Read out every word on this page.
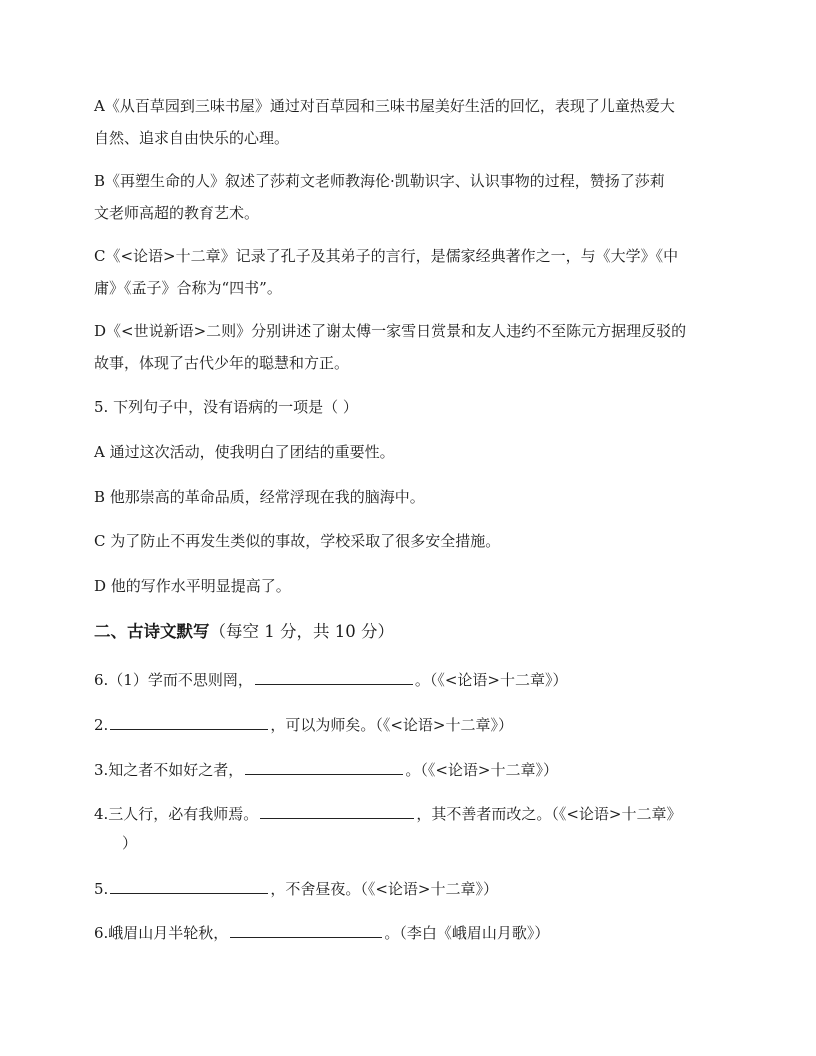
A《从百草园到三味书屋》通过对百草园和三味书屋美好生活的回忆，表现了儿童热爱大
自然、追求自由快乐的心理。
B《再塑生命的人》叙述了莎莉文老师教海伦·凯勒识字、认识事物的过程，赞扬了莎莉
文老师高超的教育艺术。
C《<论语>十二章》记录了孔子及其弟子的言行，是儒家经典著作之一，与《大学》《中
庸》《孟子》合称为“四书”。
D《<世说新语>二则》分别讲述了谢太傅一家雪日赏景和友人违约不至陈元方据理反驳的
故事，体现了古代少年的聪慧和方正。
5. 下列句子中，没有语病的一项是（ ）
A 通过这次活动，使我明白了团结的重要性。
B 他那崇高的革命品质，经常浮现在我的脑海中。
C 为了防止不再发生类似的事故，学校采取了很多安全措施。
D 他的写作水平明显提高了。
二、古诗文默写（每空 1 分，共 10 分）
6.（1）学而不思则罔，	。（《<论语>十二章》）
2.	，可以为师矣。（《<论语>十二章》）
3.知之者不如好之者，	。（《<论语>十二章》）
4.三人行，必有我师焉。	，其不善者而改之。（《<论语>十二章》
）
5.	，不舍昼夜。（《<论语>十二章》）
6.峨眉山月半轮秋，	。（李白《峨眉山月歌》）
